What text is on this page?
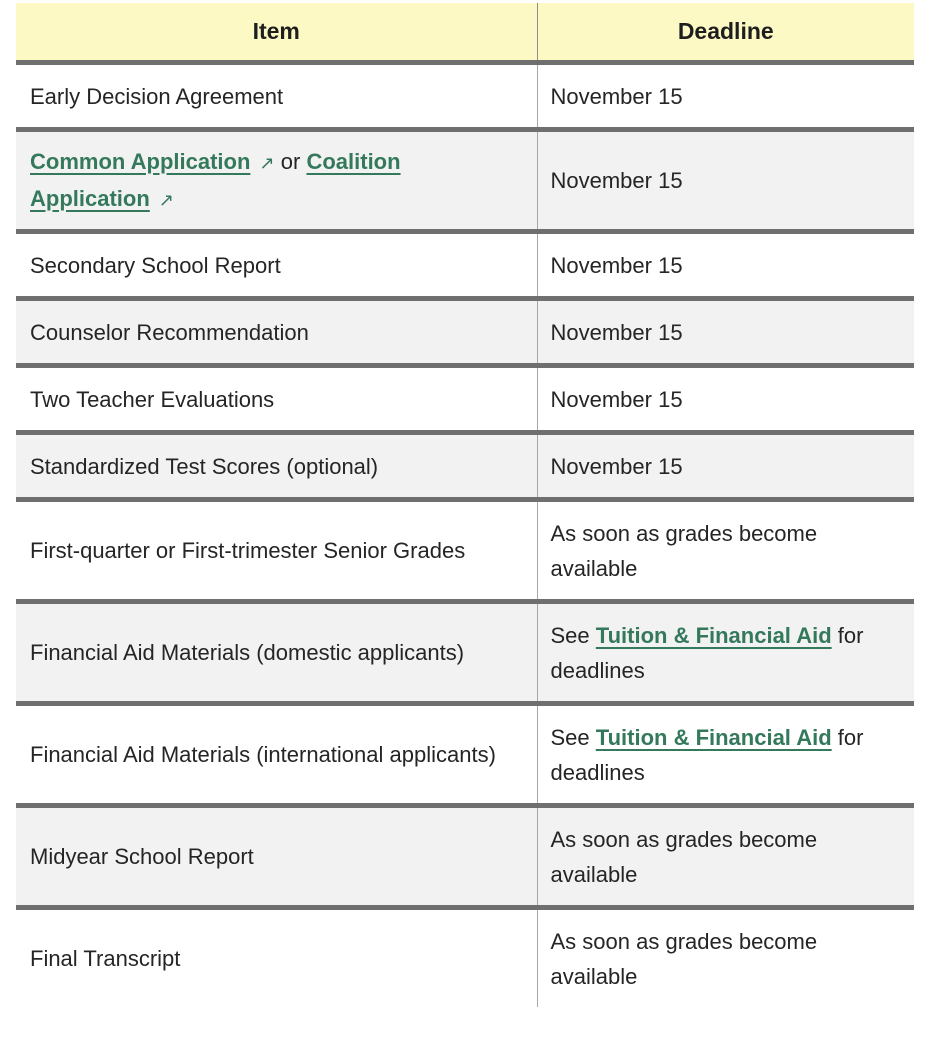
Item	Deadline
Early Decision Agreement	November 15
Common Application ↗ or Coalition Application ↗	November 15
Secondary School Report	November 15
Counselor Recommendation	November 15
Two Teacher Evaluations	November 15
Standardized Test Scores (optional)	November 15
First-quarter or First-trimester Senior Grades	As soon as grades become available
Financial Aid Materials (domestic applicants)	See Tuition & Financial Aid for deadlines
Financial Aid Materials (international applicants)	See Tuition & Financial Aid for deadlines
Midyear School Report	As soon as grades become available
Final Transcript	As soon as grades become available
